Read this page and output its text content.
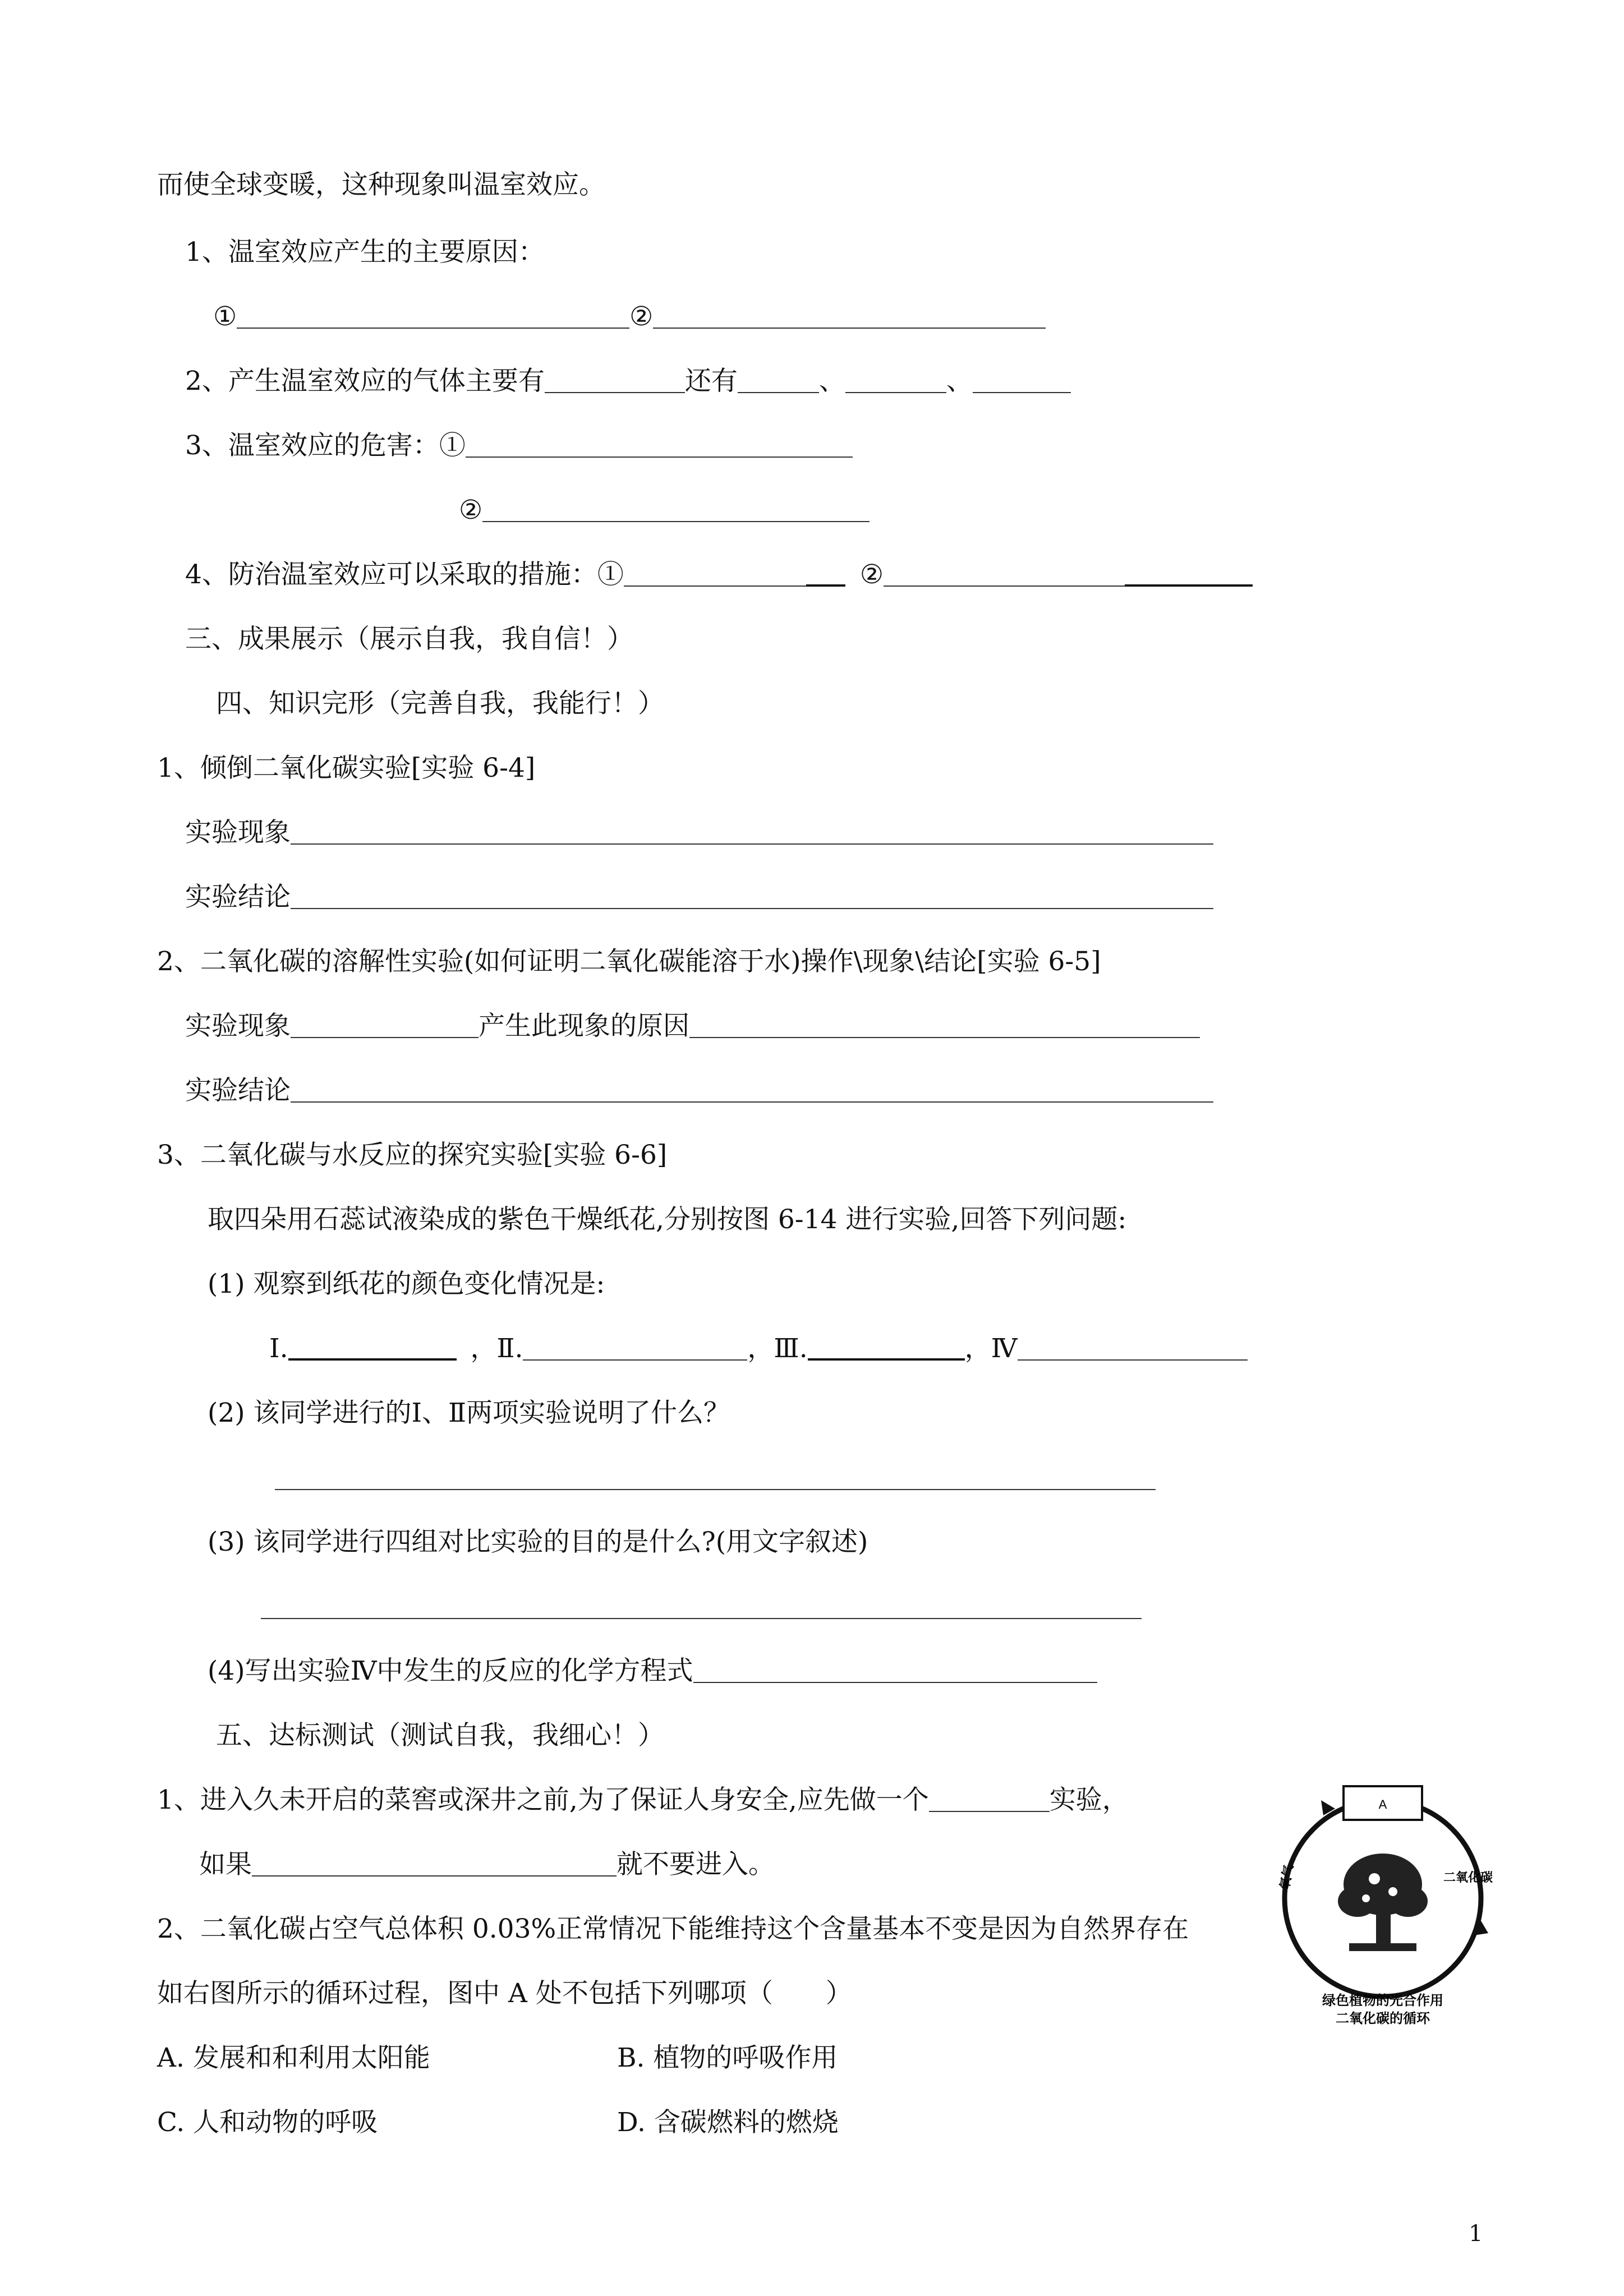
而使全球变暖，这种现象叫温室效应。
1、温室效应产生的主要原因：
①	②
2、产生温室效应的气体主要有	还有	、	、
3、温室效应的危害：①
②
4、防治温室效应可以采取的措施：①	②
三、成果展示（展示自我，我自信！）
四、知识完形（完善自我，我能行！）
1、倾倒二氧化碳实验[实验 6-4]
实验现象
实验结论
2、二氧化碳的溶解性实验(如何证明二氧化碳能溶于水)操作\现象\结论[实验 6-5]
实验现象	产生此现象的原因
实验结论
3、二氧化碳与水反应的探究实验[实验 6-6]
取四朵用石蕊试液染成的紫色干燥纸花,分别按图 6-14 进行实验,回答下列问题:
(1) 观察到纸花的颜色变化情况是:
Ⅰ.	，Ⅱ.	，Ⅲ.	，Ⅳ
(2) 该同学进行的Ⅰ、Ⅱ两项实验说明了什么？
(3) 该同学进行四组对比实验的目的是什么?(用文字叙述)
(4)写出实验Ⅳ中发生的反应的化学方程式
五、达标测试（测试自我，我细心！）
1、进入久未开启的菜窖或深井之前,为了保证人身安全,应先做一个	实验，
如果	就不要进入。
2、二氧化碳占空气总体积 0.03%正常情况下能维持这个含量基本不变是因为自然界存在
如右图所示的循环过程，图中 A 处不包括下列哪项（　　）
A. 发展和和利用太阳能	B. 植物的呼吸作用
C. 人和动物的呼吸	D. 含碳燃料的燃烧
A
氧气	二氧化碳
绿色植物的光合作用
二氧化碳的循环
1
